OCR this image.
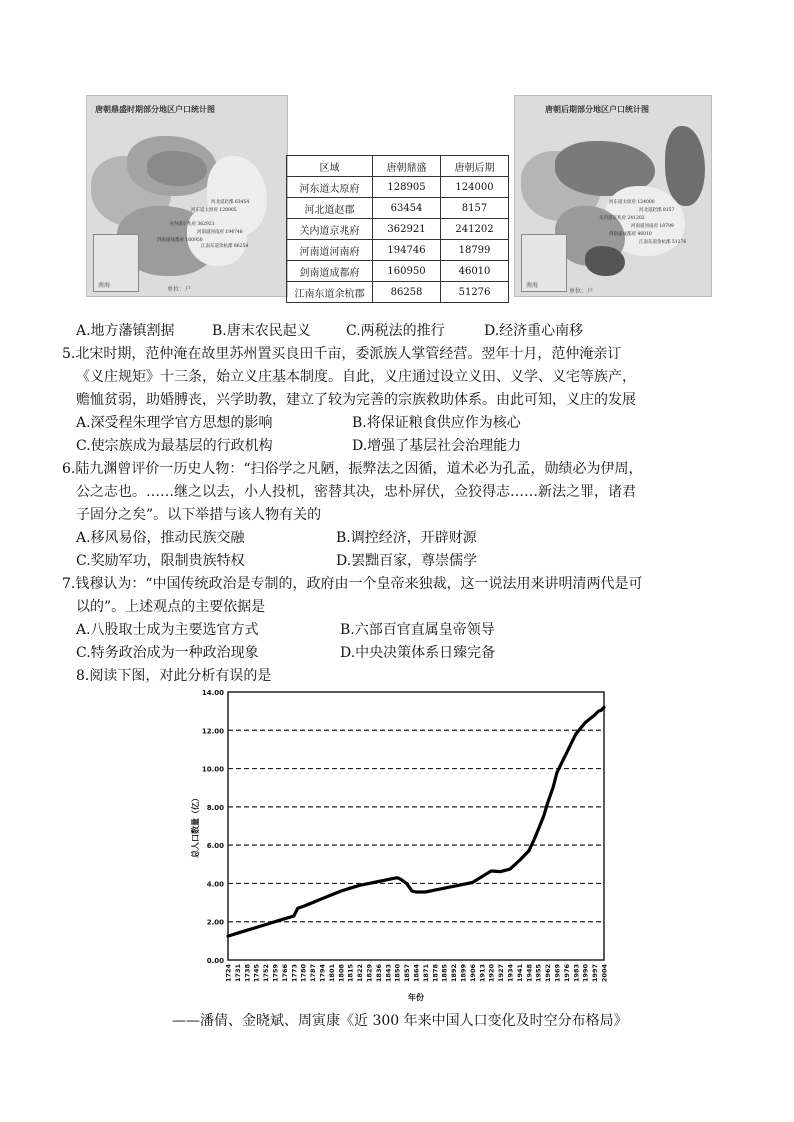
唐朝鼎盛时期部分地区户口统计图
河东道太原府 128905
河北道赵郡 63454
关内道京兆府 362921
河南道河南府 194746
剑南道成都府 160950
江南东道余杭郡 86258
南海
单位：户
区域	唐朝鼎盛	唐朝后期
河东道太原府	128905	124000
河北道赵郡	63454	8157
关内道京兆府	362921	241202
河南道河南府	194746	18799
剑南道成都府	160950	46010
江南东道余杭郡	86258	51276
唐朝后期部分地区户口统计图
河东道太原府 124000
河北道赵郡 8157
关内道京兆府 241202
河南道河南府 18799
剑南道成都府 46010
江南东道余杭郡 51276
南海
单位：户
A.地方藩镇割据	B.唐末农民起义	C.两税法的推行	D.经济重心南移
5.北宋时期，范仲淹在故里苏州置买良田千亩，委派族人掌管经营。翌年十月，范仲淹亲订
《义庄规矩》十三条，始立义庄基本制度。自此，义庄通过设立义田、义学、义宅等族产，
赡恤贫弱，助婚膊丧，兴学助教，建立了较为完善的宗族救助体系。由此可知，义庄的发展
A.深受程朱理学官方思想的影响	B.将保证粮食供应作为核心
C.使宗族成为最基层的行政机构	D.增强了基层社会治理能力
6.陆九渊曾评价一历史人物：“扫俗学之凡陋，振弊法之因循，道术必为孔孟，勋绩必为伊周，
公之志也。……继之以去，小人投机，密替其决，忠朴屏伏，佥狡得志……新法之罪，诸君
子固分之矣”。以下举措与该人物有关的
A.移风易俗，推动民族交融	B.调控经济，开辟财源
C.奖励军功，限制贵族特权	D.罢黜百家，尊崇儒学
7.钱穆认为：“中国传统政治是专制的，政府由一个皇帝来独裁，这一说法用来讲明清两代是可
以的”。上述观点的主要依据是
A.八股取士成为主要选官方式	B.六部百官直属皇帝领导
C.特务政治成为一种政治现象	D.中央决策体系日臻完备
8.阅读下图，对此分析有误的是
0.00
2.00
4.00
6.00
8.00
10.00
12.00
14.00
1724 1731 1738 1745 1752 1759 1766 1773 1780 1787 1794 1801 1808 1815 1822 1829 1836 1843 1850 1857 1864 1871 1878 1885 1892 1899 1906 1913 1920 1927 1934 1941 1948 1955 1962 1969 1976 1983 1990 1997 2004
总人口数量（亿）
年份
——潘倩、金晓斌、周寅康《近 300 年来中国人口变化及时空分布格局》
